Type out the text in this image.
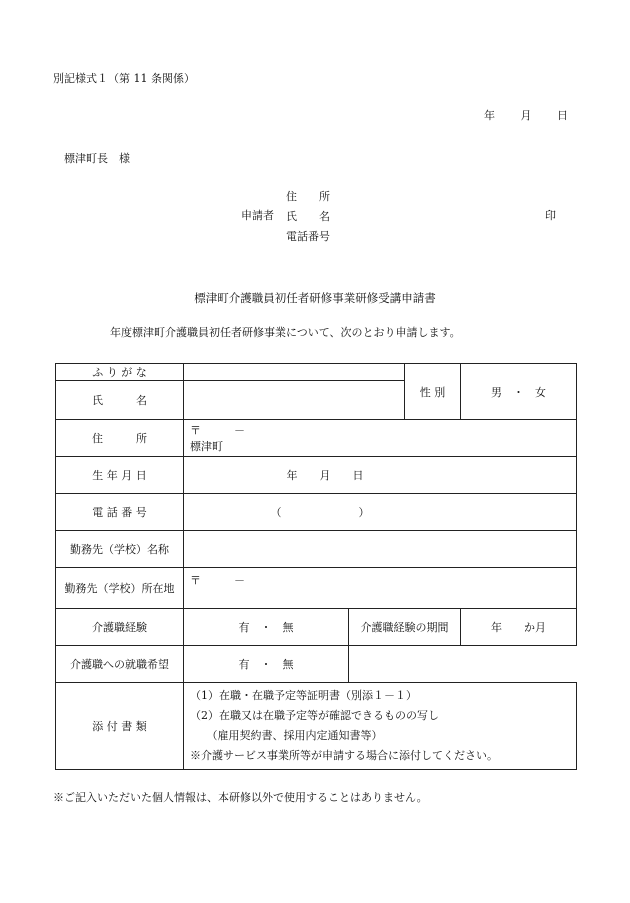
別記様式１（第 11 条関係）
年 月 日
標津町長　様
住　　所
氏　　名
電話番号
申請者	印
標津町介護職員初任者研修事業研修受講申請書
年度標津町介護職員初任者研修事業について、次のとおり申請します。
ふ り が な			性 別	男　・　女
氏　　　名				
住　　　所	〒　　　－
標津町			

生 年 月 日	年　　月　　日			
電 話 番 号	（　　　　　　　）			
勤務先（学校）名称				
勤務先（学校）所在地	〒　　　－			

介護職経験	有　・　無	介護職経験の期間		年　　か月
介護職への就職希望	有　・　無			
添 付 書 類	（1）在職・在職予定等証明書（別添１－１）
（2）在職又は在職予定等が確認できるものの写し
　　（雇用契約書、採用内定通知書等）
※介護サービス事業所等が申請する場合に添付してください。			
※ご記入いただいた個人情報は、本研修以外で使用することはありません。
